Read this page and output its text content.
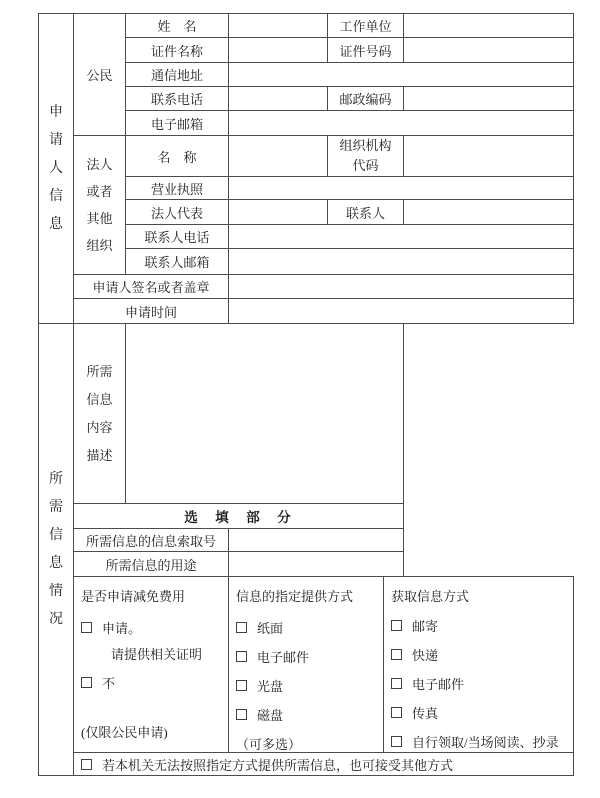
申请人信息	公民	姓　名		工作单位		
		证件名称		证件号码		
		通信地址				
		联系电话		邮政编码		
		电子邮箱				

	法人或者其他组织	名　称		组织机构代码		

		营业执照				
		法人代表		联系人		
		联系人电话				
		联系人邮箱				
	申请人签名或者盖章					
	申请时间					

所需信息情况	所需信息内容描述					

	选　填　部　分					
	所需信息的信息索取号					
	所需信息的用途					

是否申请减免费用
申请。
请提供相关证明
不
(仅限公民申请)

信息的指定提供方式
纸面
电子邮件
光盘
磁盘
（可多选）

获取信息方式
邮寄
快递
电子邮件
传真
自行领取/当场阅读、抄录

	若本机关无法按照指定方式提供所需信息，也可接受其他方式					
